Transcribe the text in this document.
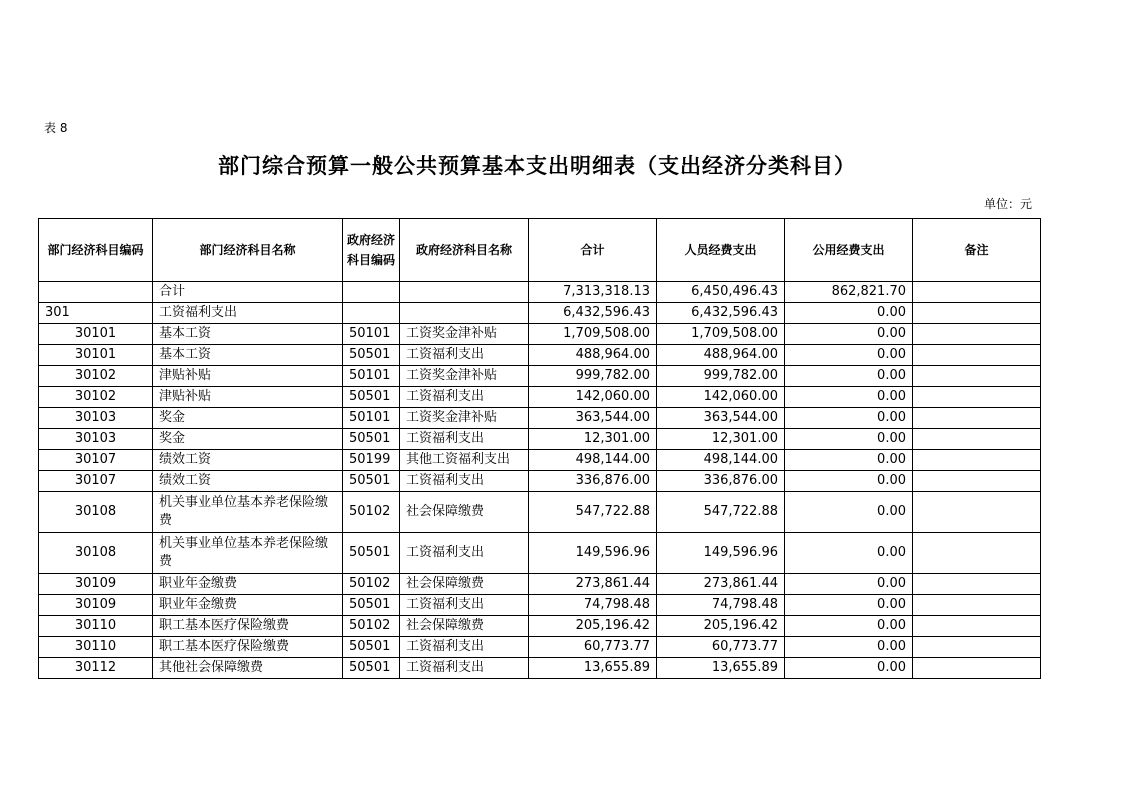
表 8
部门综合预算一般公共预算基本支出明细表（支出经济分类科目）
单位：元
部门经济科目编码	部门经济科目名称	政府经济科目编码	政府经济科目名称	合计	人员经费支出	公用经费支出	备注
	合计			7,313,318.13	6,450,496.43	862,821.70	
301	工资福利支出			6,432,596.43	6,432,596.43	0.00	
30101	基本工资	50101	工资奖金津补贴	1,709,508.00	1,709,508.00	0.00	
30101	基本工资	50501	工资福利支出	488,964.00	488,964.00	0.00	
30102	津贴补贴	50101	工资奖金津补贴	999,782.00	999,782.00	0.00	
30102	津贴补贴	50501	工资福利支出	142,060.00	142,060.00	0.00	
30103	奖金	50101	工资奖金津补贴	363,544.00	363,544.00	0.00	
30103	奖金	50501	工资福利支出	12,301.00	12,301.00	0.00	
30107	绩效工资	50199	其他工资福利支出	498,144.00	498,144.00	0.00	
30107	绩效工资	50501	工资福利支出	336,876.00	336,876.00	0.00	
30108	机关事业单位基本养老保险缴费	50102	社会保障缴费	547,722.88	547,722.88	0.00	
30108	机关事业单位基本养老保险缴费	50501	工资福利支出	149,596.96	149,596.96	0.00	
30109	职业年金缴费	50102	社会保障缴费	273,861.44	273,861.44	0.00	
30109	职业年金缴费	50501	工资福利支出	74,798.48	74,798.48	0.00	
30110	职工基本医疗保险缴费	50102	社会保障缴费	205,196.42	205,196.42	0.00	
30110	职工基本医疗保险缴费	50501	工资福利支出	60,773.77	60,773.77	0.00	
30112	其他社会保障缴费	50501	工资福利支出	13,655.89	13,655.89	0.00	
